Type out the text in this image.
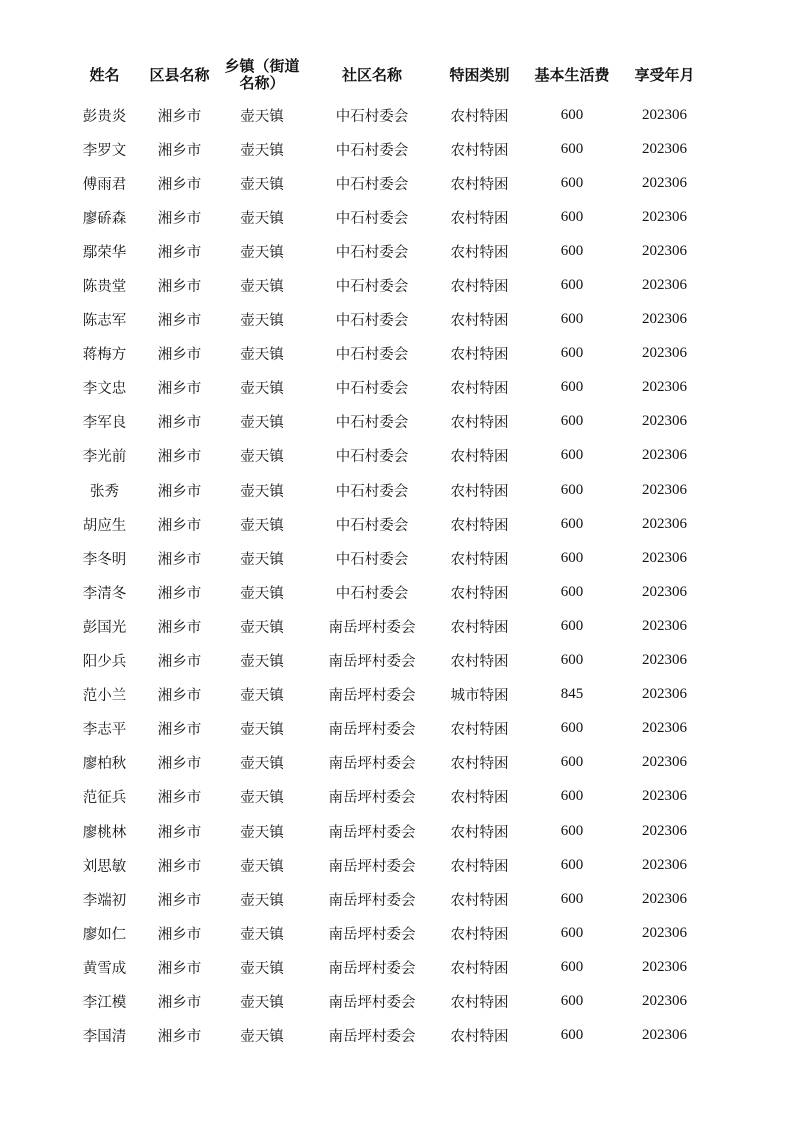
姓名	区县名称	乡镇（街道
名称）	社区名称	特困类别	基本生活费	享受年月
彭贵炎	湘乡市	壶天镇	中石村委会	农村特困	600	202306
李罗文	湘乡市	壶天镇	中石村委会	农村特困	600	202306
傅雨君	湘乡市	壶天镇	中石村委会	农村特困	600	202306
廖硚森	湘乡市	壶天镇	中石村委会	农村特困	600	202306
鄢荣华	湘乡市	壶天镇	中石村委会	农村特困	600	202306
陈贵堂	湘乡市	壶天镇	中石村委会	农村特困	600	202306
陈志军	湘乡市	壶天镇	中石村委会	农村特困	600	202306
蒋梅方	湘乡市	壶天镇	中石村委会	农村特困	600	202306
李文忠	湘乡市	壶天镇	中石村委会	农村特困	600	202306
李军良	湘乡市	壶天镇	中石村委会	农村特困	600	202306
李光前	湘乡市	壶天镇	中石村委会	农村特困	600	202306
张秀	湘乡市	壶天镇	中石村委会	农村特困	600	202306
胡应生	湘乡市	壶天镇	中石村委会	农村特困	600	202306
李冬明	湘乡市	壶天镇	中石村委会	农村特困	600	202306
李清冬	湘乡市	壶天镇	中石村委会	农村特困	600	202306
彭国光	湘乡市	壶天镇	南岳坪村委会	农村特困	600	202306
阳少兵	湘乡市	壶天镇	南岳坪村委会	农村特困	600	202306
范小兰	湘乡市	壶天镇	南岳坪村委会	城市特困	845	202306
李志平	湘乡市	壶天镇	南岳坪村委会	农村特困	600	202306
廖柏秋	湘乡市	壶天镇	南岳坪村委会	农村特困	600	202306
范征兵	湘乡市	壶天镇	南岳坪村委会	农村特困	600	202306
廖桃林	湘乡市	壶天镇	南岳坪村委会	农村特困	600	202306
刘思敏	湘乡市	壶天镇	南岳坪村委会	农村特困	600	202306
李端初	湘乡市	壶天镇	南岳坪村委会	农村特困	600	202306
廖如仁	湘乡市	壶天镇	南岳坪村委会	农村特困	600	202306
黄雪成	湘乡市	壶天镇	南岳坪村委会	农村特困	600	202306
李江模	湘乡市	壶天镇	南岳坪村委会	农村特困	600	202306
李国清	湘乡市	壶天镇	南岳坪村委会	农村特困	600	202306
